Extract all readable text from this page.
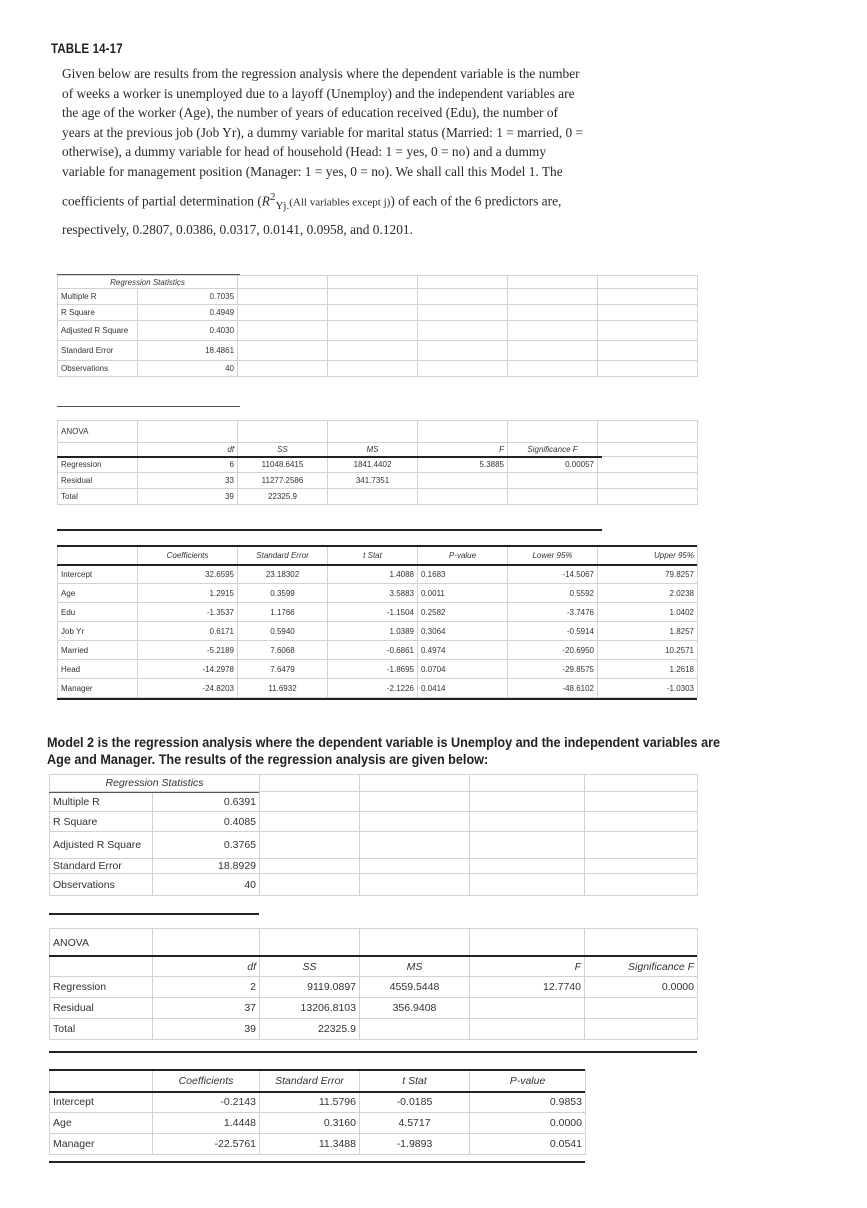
TABLE 14-17

Given below are results from the regression analysis where the dependent variable is the number

of weeks a worker is unemployed due to a layoff (Unemploy) and the independent variables are

the age of the worker (Age), the number of years of education received (Edu), the number of

years at the previous job (Job Yr), a dummy variable for marital status (Married: 1 = married, 0 =

otherwise), a dummy variable for head of household (Head: 1 = yes, 0 = no) and a dummy

variable for management position (Manager: 1 = yes, 0 = no). We shall call this Model 1. The

coefficients of partial determination ($R^2_{Yj.}(All$ variables except j)) of each of the 6 predictors are,

respectively, 0.2807, 0.0386, 0.0317, 0.0141, 0.0958, and 0.1201.

Regression Statistics						
Multiple R	0.7035					
R Square	0.4949					
Adjusted R Square	0.4030					
Standard Error	18.4861					
Observations	40					
ANOVA						
	df	SS	MS	F	Significance F	
Regression	6	11048.6415	1841.4402	5.3885	0.00057	
Residual	33	11277.2586	341.7351			
Total	39	22325.9				
	Coefficients	Standard Error	t Stat	P-value	Lower 95%	Upper 95%
Intercept	32.6595	23.18302	1.4088	0.1683	-14.5067	79.8257
Age	1.2915	0.3599	3.5883	0.0011	0.5592	2.0238
Edu	-1.3537	1.1766	-1.1504	0.2582	-3.7476	1.0402
Job Yr	0.6171	0.5940	1.0389	0.3064	-0.5914	1.8257
Married	-5.2189	7.6068	-0.6861	0.4974	-20.6950	10.2571
Head	-14.2978	7.6479	-1.8695	0.0704	-29.8575	1.2618
Manager	-24.8203	11.6932	-2.1226	0.0414	-48.6102	-1.0303
Model 2 is the regression analysis where the dependent variable is Unemploy and the independent variables are
Age and Manager. The results of the regression analysis are given below:
Regression Statistics					
Multiple R	0.6391				
R Square	0.4085				
Adjusted R Square	0.3765				
Standard Error	18.8929				
Observations	40				
ANOVA					
	df	SS	MS	F	Significance F
Regression	2	9119.0897	4559.5448	12.7740	0.0000
Residual	37	13206.8103	356.9408		
Total	39	22325.9			
	Coefficients	Standard Error	t Stat	P-value
Intercept	-0.2143	11.5796	-0.0185	0.9853
Age	1.4448	0.3160	4.5717	0.0000
Manager	-22.5761	11.3488	-1.9893	0.0541
